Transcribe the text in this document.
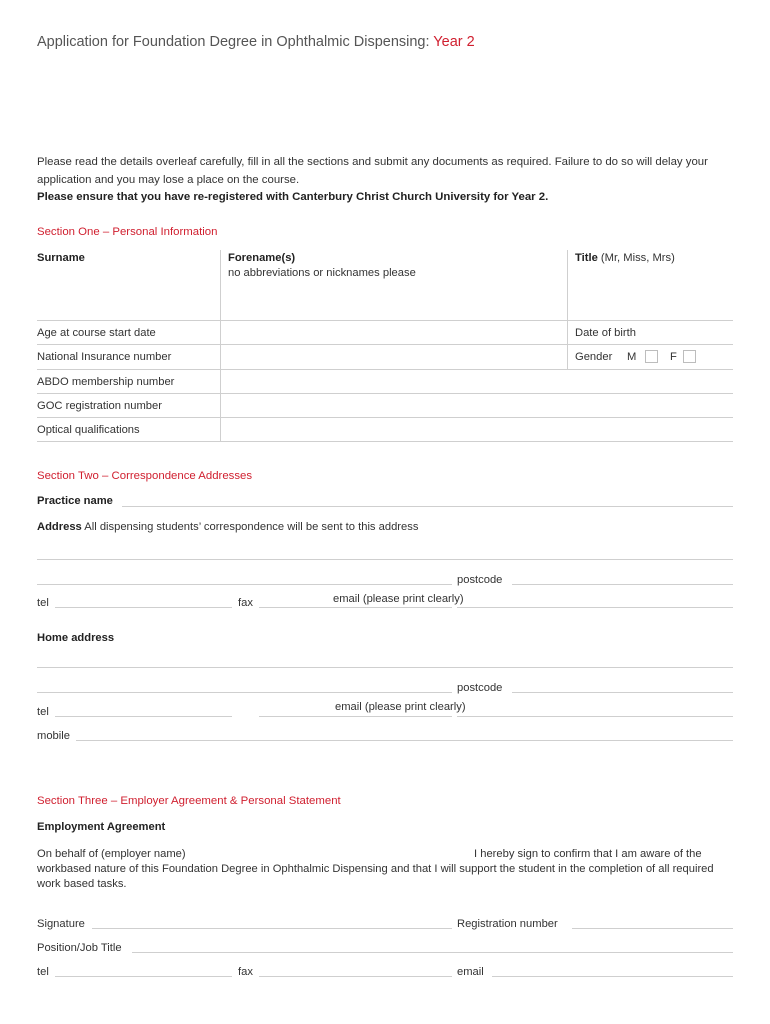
Application for Foundation Degree in Ophthalmic Dispensing: Year 2

Please read the details overleaf carefully, fill in all the sections and submit any documents as required. Failure to do so will delay your application and you may lose a place on the course.

Please ensure that you have re-registered with Canterbury Christ Church University for Year 2.

Section One – Personal Information
Surname	Forename(s)
no abbreviations or nicknames please
Title (Mr, Miss, Mrs)
Age at course start date	Date of birth
National Insurance number	Gender M	F
ABDO membership number
GOC registration number
Optical qualifications
Section Two – Correspondence Addresses
Practice name
Address All dispensing students’ correspondence will be sent to this address
postcode
tel	fax	email (please print clearly)
Home address
postcode
tel	email (please print clearly)
mobile
Section Three – Employer Agreement & Personal Statement
Employment Agreement
On behalf of (employer name)	I hereby sign to confirm that I am aware of the
workbased nature of this Foundation Degree in Ophthalmic Dispensing and that I will support the student in the completion of all required work based tasks.
Signature	Registration number
Position/Job Title
tel	fax	email
